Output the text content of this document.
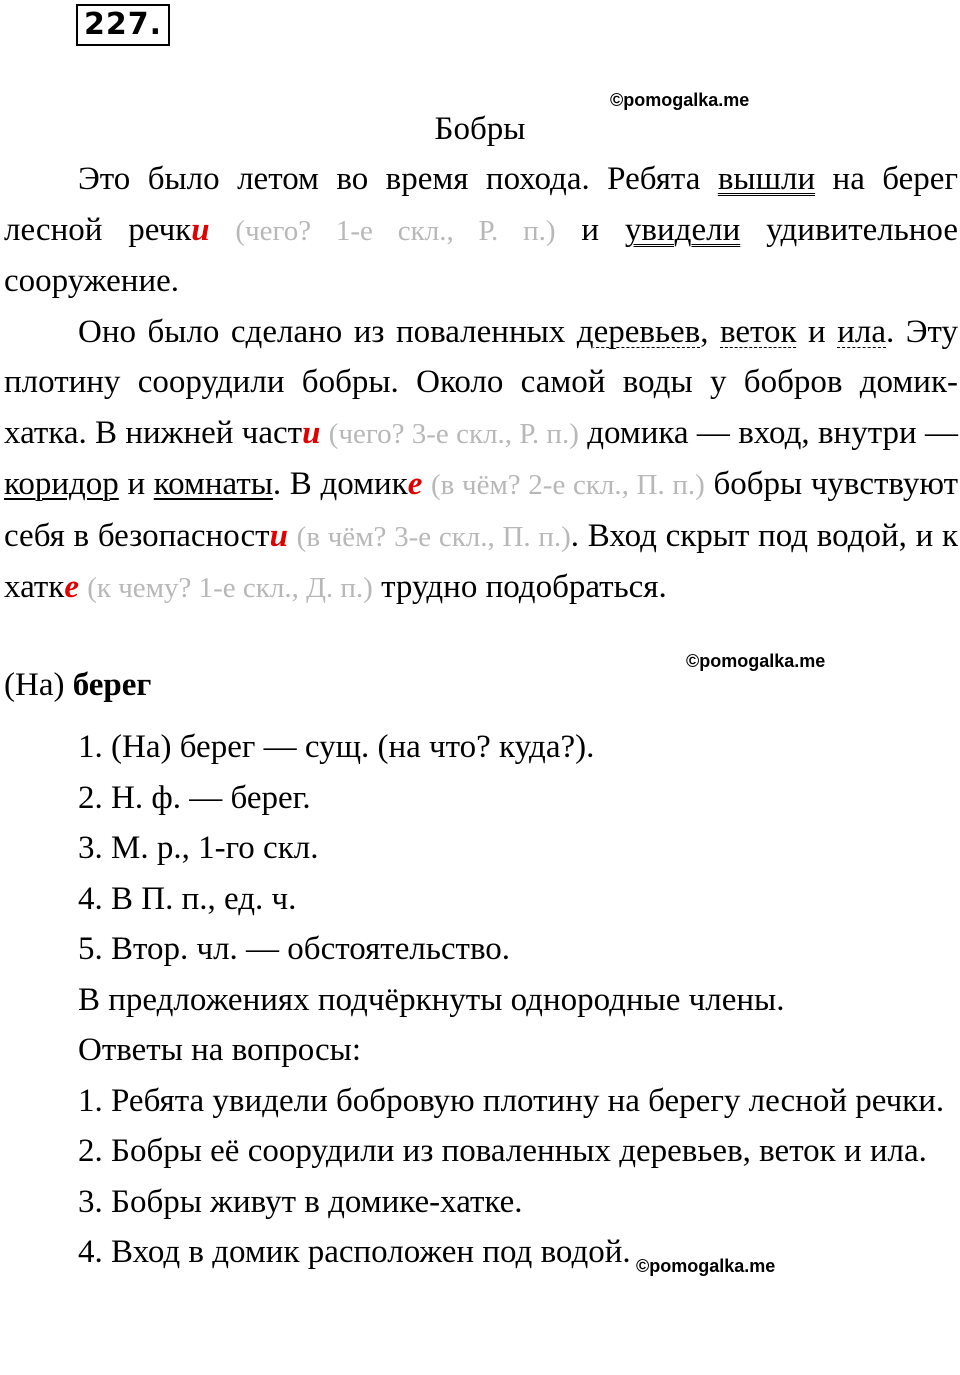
227.
©pomogalka.me
Бобры

Это было летом во время похода. Ребята вышли на берег лесной речки (чего? 1-е скл., Р. п.) и увидели удивительное сооружение.

Оно было сделано из поваленных деревьев, веток и ила. Эту плотину соорудили бобры. Около самой воды у бобров домик-хатка. В нижней части (чего? 3-е скл., Р. п.) домика — вход, внутри — коридор и комнаты. В домике (в чём? 2-е скл., П. п.) бобры чувствуют себя в безопасности (в чём? 3-е скл., П. п.). Вход скрыт под водой, и к хатке (к чему? 1-е скл., Д. п.) трудно подобраться.

©pomogalka.me
(На) берег
1. (На) берег — сущ. (на что? куда?).
2. Н. ф. — берег.
3. М. р., 1-го скл.
4. В П. п., ед. ч.
5. Втор. чл. — обстоятельство.
В предложениях подчёркнуты однородные члены.
Ответы на вопросы:
1. Ребята увидели бобровую плотину на берегу лесной речки.
2. Бобры её соорудили из поваленных деревьев, веток и ила.
3. Бобры живут в домике-хатке.
4. Вход в домик расположен под водой. ©pomogalka.me
